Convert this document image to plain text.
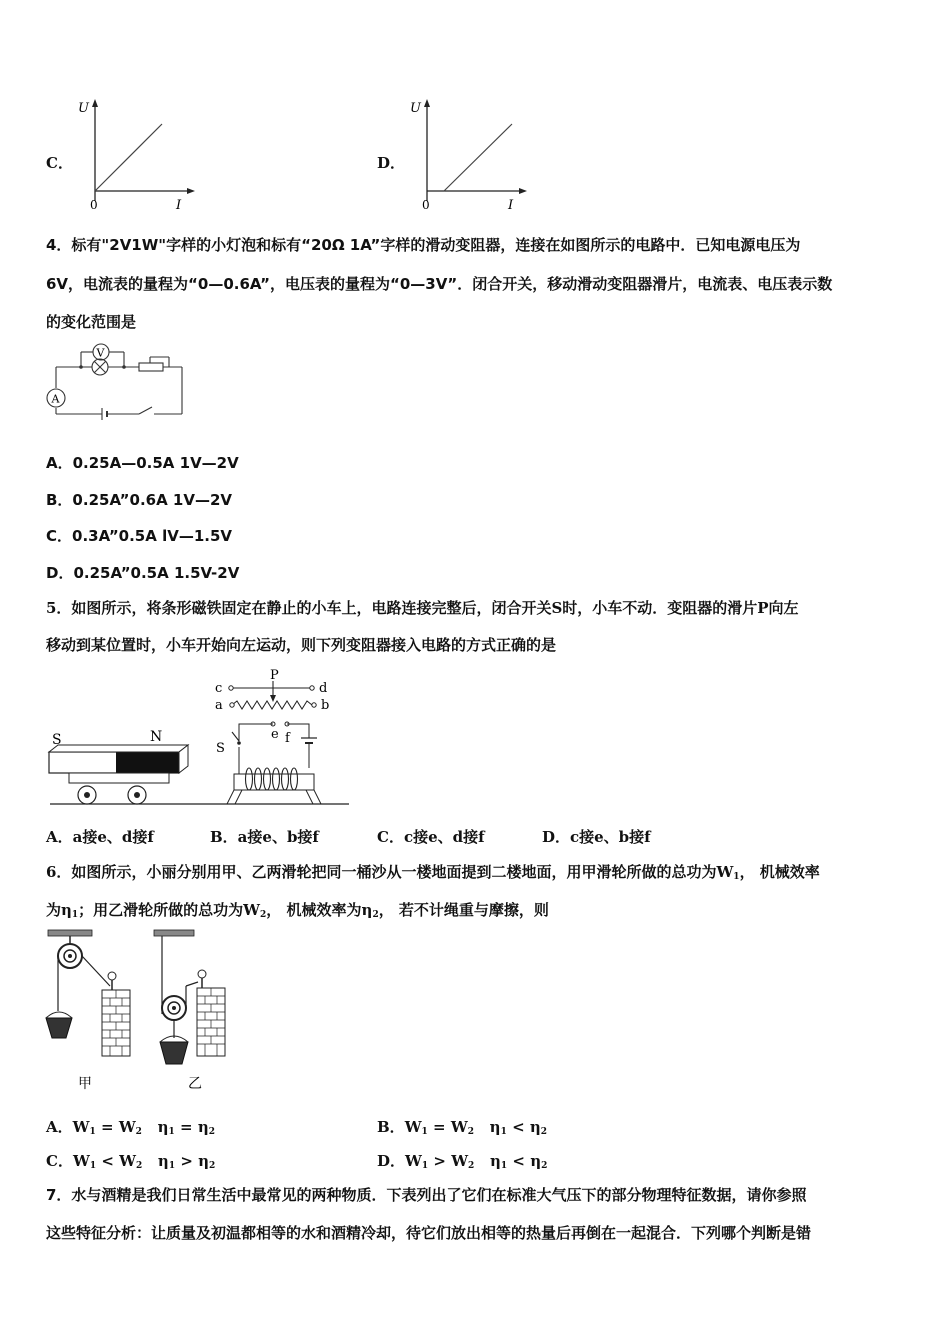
C．
U
0	I
D．
U
0	I
4．标有"2V1W"字样的小灯泡和标有“20Ω 1A”字样的滑动变阻器，连接在如图所示的电路中．已知电源电压为
6V，电流表的量程为“0—0.6A”，电压表的量程为“0—3V”．闭合开关，移动滑动变阻器滑片，电流表、电压表示数
的变化范围是
V
A
A．0.25A—0.5A 1V—2V
B．0.25A”0.6A 1V—2V
C．0.3A”0.5A lV—1.5V
D．0.25A”0.5A 1.5V-2V
5．如图所示，将条形磁铁固定在静止的小车上，电路连接完整后，闭合开关S时，小车不动．变阻器的滑片P向左
移动到某位置时，小车开始向左运动，则下列变阻器接入电路的方式正确的是
S	N
P
c	d
a	b
e f
S
A．a接e、d接f	B．a接e、b接f	C．c接e、d接f	D．c接e、b接f
6．如图所示，小丽分别用甲、乙两滑轮把同一桶沙从一楼地面提到二楼地面，用甲滑轮所做的总功为$W_1$， 机械效率
为$\eta_1$；用乙滑轮所做的总功为$W_2$， 机械效率为$\eta_2$， 若不计绳重与摩擦，则
甲	乙
A．$W_1 = W_2$ $\eta_1 = \eta_2$	B．$W_1 = W_2$ $\eta_1 < \eta_2$
C．$W_1 < W_2$ $\eta_1 > \eta_2$	D．$W_1 > W_2$ $\eta_1 < \eta_2$
7．水与酒精是我们日常生活中最常见的两种物质．下表列出了它们在标准大气压下的部分物理特征数据，请你参照
这些特征分析：让质量及初温都相等的水和酒精冷却，待它们放出相等的热量后再倒在一起混合．下列哪个判断是错
